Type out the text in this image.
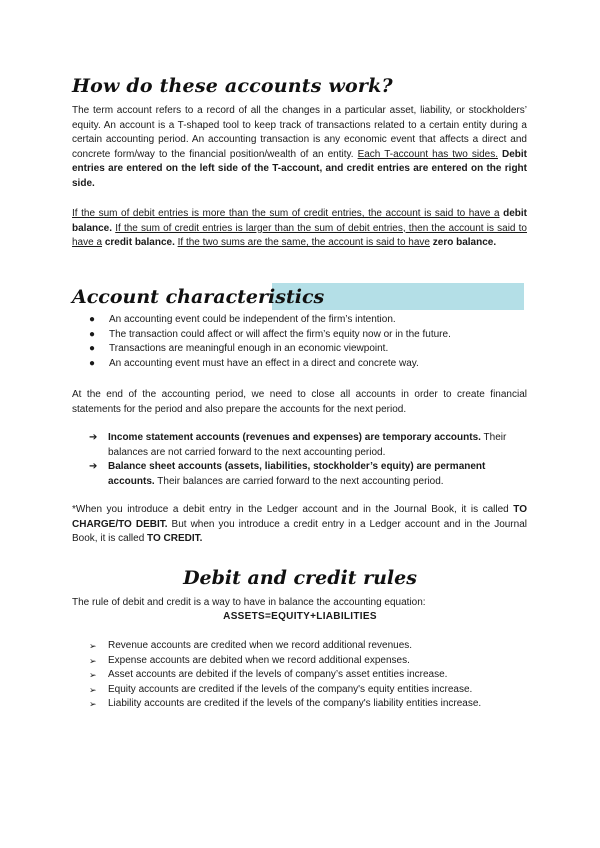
How do these accounts work?
The term account refers to a record of all the changes in a particular asset, liability, or stockholders’ equity. An account is a T-shaped tool to keep track of transactions related to a certain entity during a certain accounting period. An accounting transaction is any economic event that affects a direct and concrete form/way to the financial position/wealth of an entity. Each T-account has two sides. Debit entries are entered on the left side of the T-account, and credit entries are entered on the right side.
If the sum of debit entries is more than the sum of credit entries, the account is said to have a debit balance. If the sum of credit entries is larger than the sum of debit entries, then the account is said to have a credit balance. If the two sums are the same, the account is said to have zero balance.
Account characteristics
● An accounting event could be independent of the firm’s intention.
● The transaction could affect or will affect the firm’s equity now or in the future.
● Transactions are meaningful enough in an economic viewpoint.
● An accounting event must have an effect in a direct and concrete way.
At the end of the accounting period, we need to close all accounts in order to create financial statements for the period and also prepare the accounts for the next period.
➔ Income statement accounts (revenues and expenses) are temporary accounts. Their balances are not carried forward to the next accounting period.
➔ Balance sheet accounts (assets, liabilities, stockholder’s equity) are permanent accounts. Their balances are carried forward to the next accounting period.
*When you introduce a debit entry in the Ledger account and in the Journal Book, it is called TO CHARGE/TO DEBIT. But when you introduce a credit entry in a Ledger account and in the Journal Book, it is called TO CREDIT.
Debit and credit rules
The rule of debit and credit is a way to have in balance the accounting equation:
ASSETS=EQUITY+LIABILITIES
➢ Revenue accounts are credited when we record additional revenues.
➢ Expense accounts are debited when we record additional expenses.
➢ Asset accounts are debited if the levels of company’s asset entities increase.
➢ Equity accounts are credited if the levels of the company's equity entities increase.
➢ Liability accounts are credited if the levels of the company's liability entities increase.
